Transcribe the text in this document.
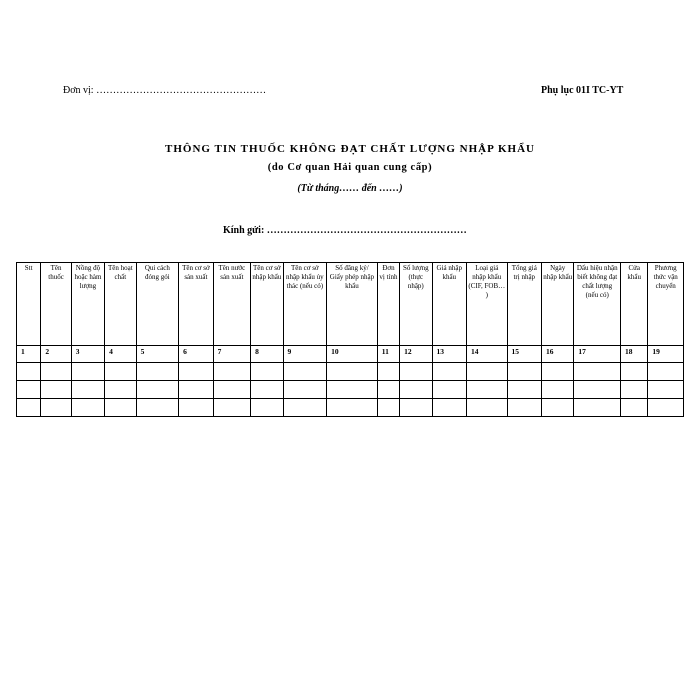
Đơn vị: ……………………………………………	Phụ lục 01I TC-YT
THÔNG TIN THUỐC KHÔNG ĐẠT CHẤT LƯỢNG NHẬP KHẨU
(do Cơ quan Hải quan cung cấp)
(Từ tháng…… đến ……)
Kính gửi: ……………………………………………………
Stt	Tên thuốc	Nồng độ hoặc hàm lượng	Tên hoạt chất	Qui cách đóng gói	Tên cơ sở sản xuất	Tên nước sản xuất	Tên cơ sở nhập khẩu	Tên cơ sở nhập khẩu ủy thác (nếu có)	Số đăng ký/ Giấy phép nhập khẩu	Đơn vị tính	Số lượng (thực nhập)	Giá nhập khẩu	Loại giá nhập khẩu (CIF, FOB… )	Tổng giá trị nhập	Ngày nhập khẩu	Dấu hiệu nhận biết không đạt chất lượng (nếu có)	Cửa khẩu	Phương thức vận chuyển
1	2	3	4	5	6	7	8	9	10	11	12	13	14	15	16	17	18	19
